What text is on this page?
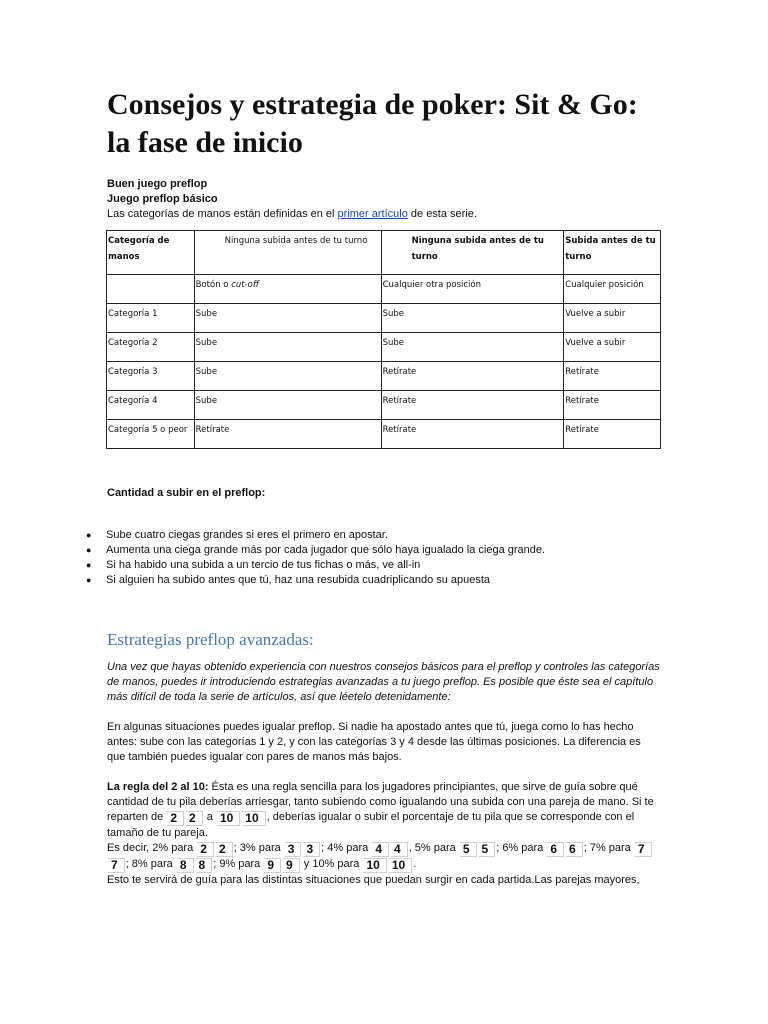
Consejos y estrategia de poker: Sit & Go:
la fase de inicio
Buen juego preflop
Juego preflop básico
Las categorías de manos están definidas en el primer artículo de esta serie.
Categoría de manos	Ninguna subida antes de tu turno	Ninguna subida antes de tu turno	Subida antes de tu turno
	Botón o cut-off	Cualquier otra posición	Cualquier posición
Categoría 1	Sube	Sube	Vuelve a subir
Categoría 2	Sube	Sube	Vuelve a subir
Categoría 3	Sube	Retírate	Retírate
Categoría 4	Sube	Retírate	Retírate
Categoría 5 o peor	Retírate	Retírate	Retírate
Cantidad a subir en el preflop:
●	Sube cuatro ciegas grandes si eres el primero en apostar.
●	Aumenta una ciega grande más por cada jugador que sólo haya igualado la ciega grande.
●	Si ha habido una subida a un tercio de tus fichas o más, ve all-in
●	Si alguien ha subido antes que tú, haz una resubida cuadriplicando su apuesta
Estrategias preflop avanzadas:
Una vez que hayas obtenido experiencia con nuestros consejos básicos para el preflop y controles las categorías de manos, puedes ir introduciendo estrategias avanzadas a tu juego preflop. Es posible que éste sea el capítulo más difícil de toda la serie de artículos, así que léetelo detenidamente:
En algunas situaciones puedes igualar preflop. Si nadie ha apostado antes que tú, juega como lo has hecho antes: sube con las categorías 1 y 2, y con las categorías 3 y 4 desde las últimas posiciones. La diferencia es que también puedes igualar con pares de manos más bajos.
La regla del 2 al 10: Ésta es una regla sencilla para los jugadores principiantes, que sirve de guía sobre qué cantidad de tu pila deberías arriesgar, tanto subiendo como igualando una subida con una pareja de mano. Si te reparten de 2 2 a 10 10 , deberías igualar o subir el porcentaje de tu pila que se corresponde con el tamaño de tu pareja.
Es decir, 2% para 2 2 ; 3% para 3 3 ; 4% para 4 4 , 5% para 5 5 ; 6% para 6 6 ; 7% para 77 ; 8% para 8 8 ; 9% para 9 9 y 10% para 10 10 .
Esto te servirá de guía para las distintas situaciones que puedan surgir en cada partida.Las parejas mayores,
